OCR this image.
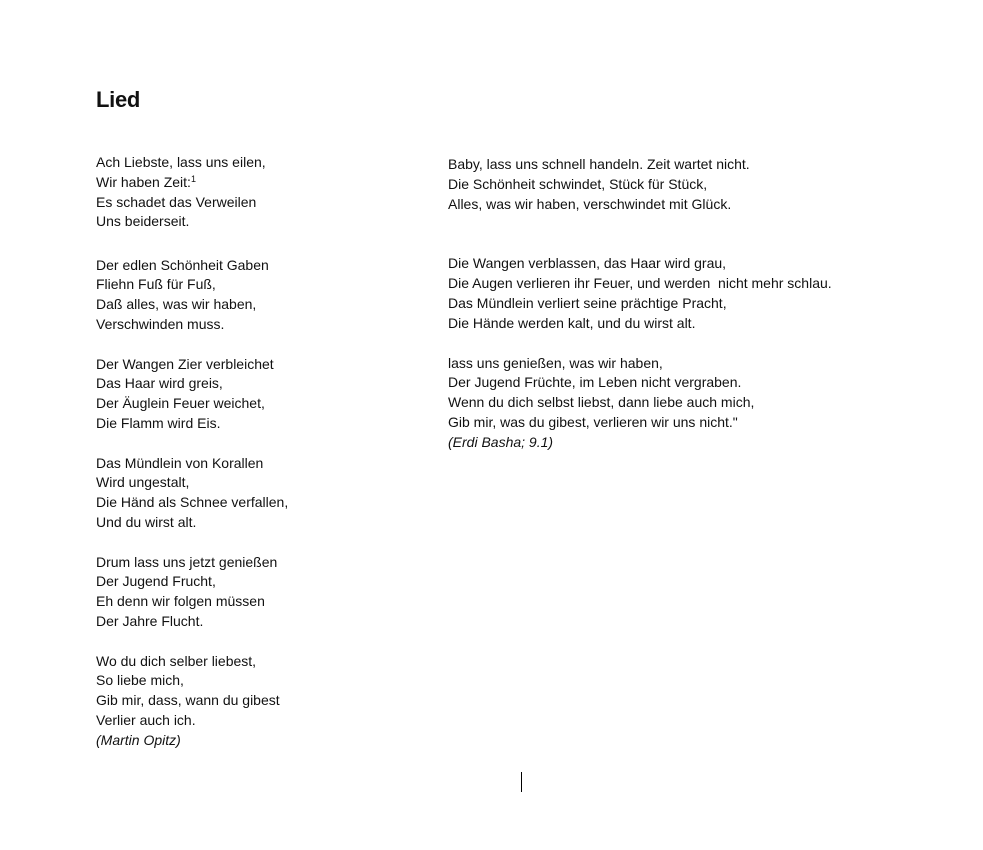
Lied
Ach Liebste, lass uns eilen,
Wir haben Zeit:$^1$
Es schadet das Verweilen
Uns beiderseit.
Der edlen Schönheit Gaben
Fliehn Fuß für Fuß,
Daß alles, was wir haben,
Verschwinden muss.
Der Wangen Zier verbleichet
Das Haar wird greis,
Der Äuglein Feuer weichet,
Die Flamm wird Eis.
Das Mündlein von Korallen
Wird ungestalt,
Die Händ als Schnee verfallen,
Und du wirst alt.
Drum lass uns jetzt genießen
Der Jugend Frucht,
Eh denn wir folgen müssen
Der Jahre Flucht.
Wo du dich selber liebest,
So liebe mich,
Gib mir, dass, wann du gibest
Verlier auch ich.
(Martin Opitz)
Baby, lass uns schnell handeln. Zeit wartet nicht.
Die Schönheit schwindet, Stück für Stück,
Alles, was wir haben, verschwindet mit Glück.
Die Wangen verblassen, das Haar wird grau,
Die Augen verlieren ihr Feuer, und werden  nicht mehr schlau.
Das Mündlein verliert seine prächtige Pracht,
Die Hände werden kalt, und du wirst alt.
lass uns genießen, was wir haben,
Der Jugend Früchte, im Leben nicht vergraben.
Wenn du dich selbst liebst, dann liebe auch mich,
Gib mir, was du gibest, verlieren wir uns nicht."
(Erdi Basha; 9.1)
